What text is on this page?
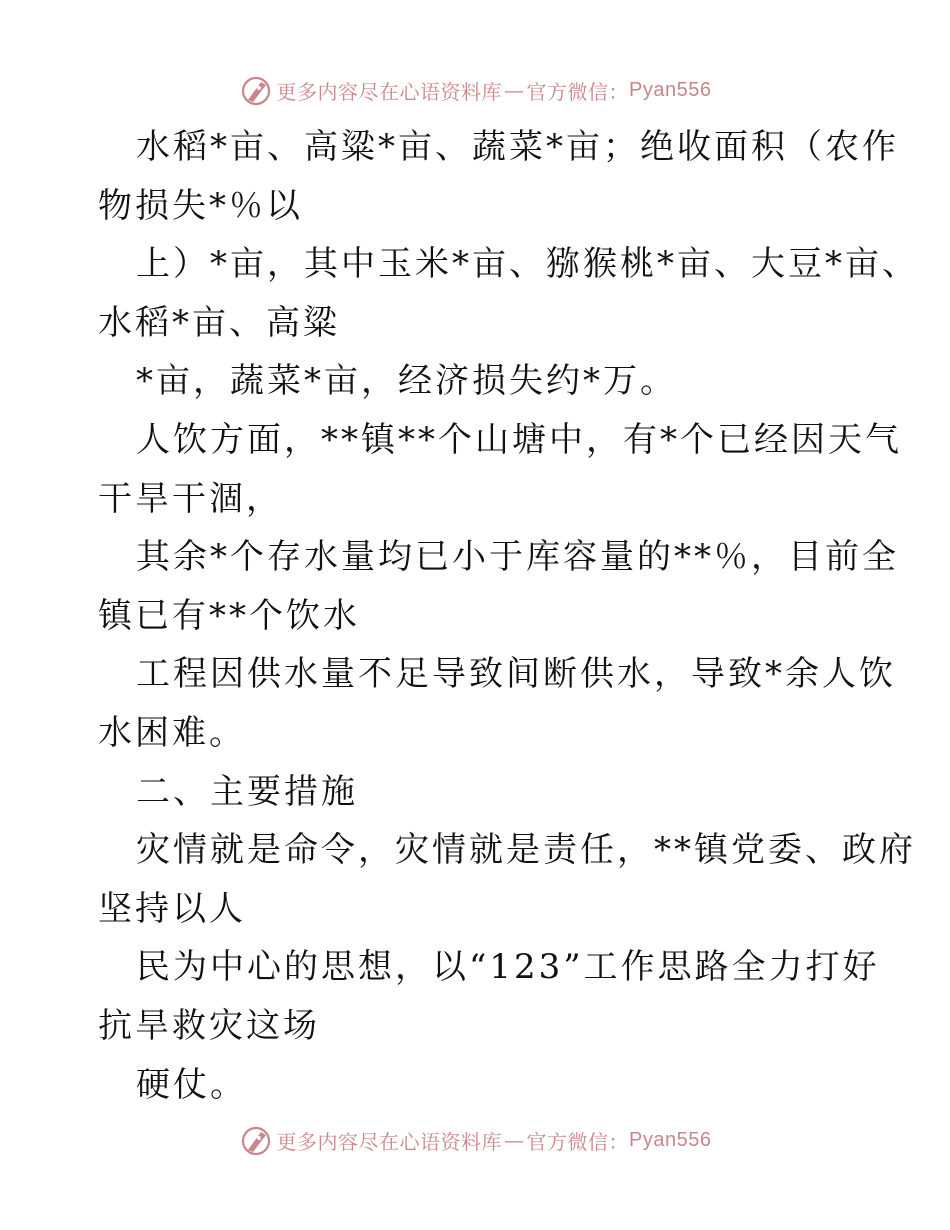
更多内容尽在心语资料库 — 官方微信： Pyan556
水稻*亩、高粱*亩、蔬菜*亩；绝收面积（农作
物损失*％以
上）*亩，其中玉米*亩、猕猴桃*亩、大豆*亩、
水稻*亩、高粱
*亩，蔬菜*亩，经济损失约*万。
人饮方面，**镇**个山塘中，有*个已经因天气
干旱干涸，
其余*个存水量均已小于库容量的**％，目前全
镇已有**个饮水
工程因供水量不足导致间断供水，导致*余人饮
水困难。
二、主要措施
灾情就是命令，灾情就是责任，**镇党委、政府
坚持以人
民为中心的思想，以“123”工作思路全力打好
抗旱救灾这场
硬仗。
更多内容尽在心语资料库 — 官方微信： Pyan556
